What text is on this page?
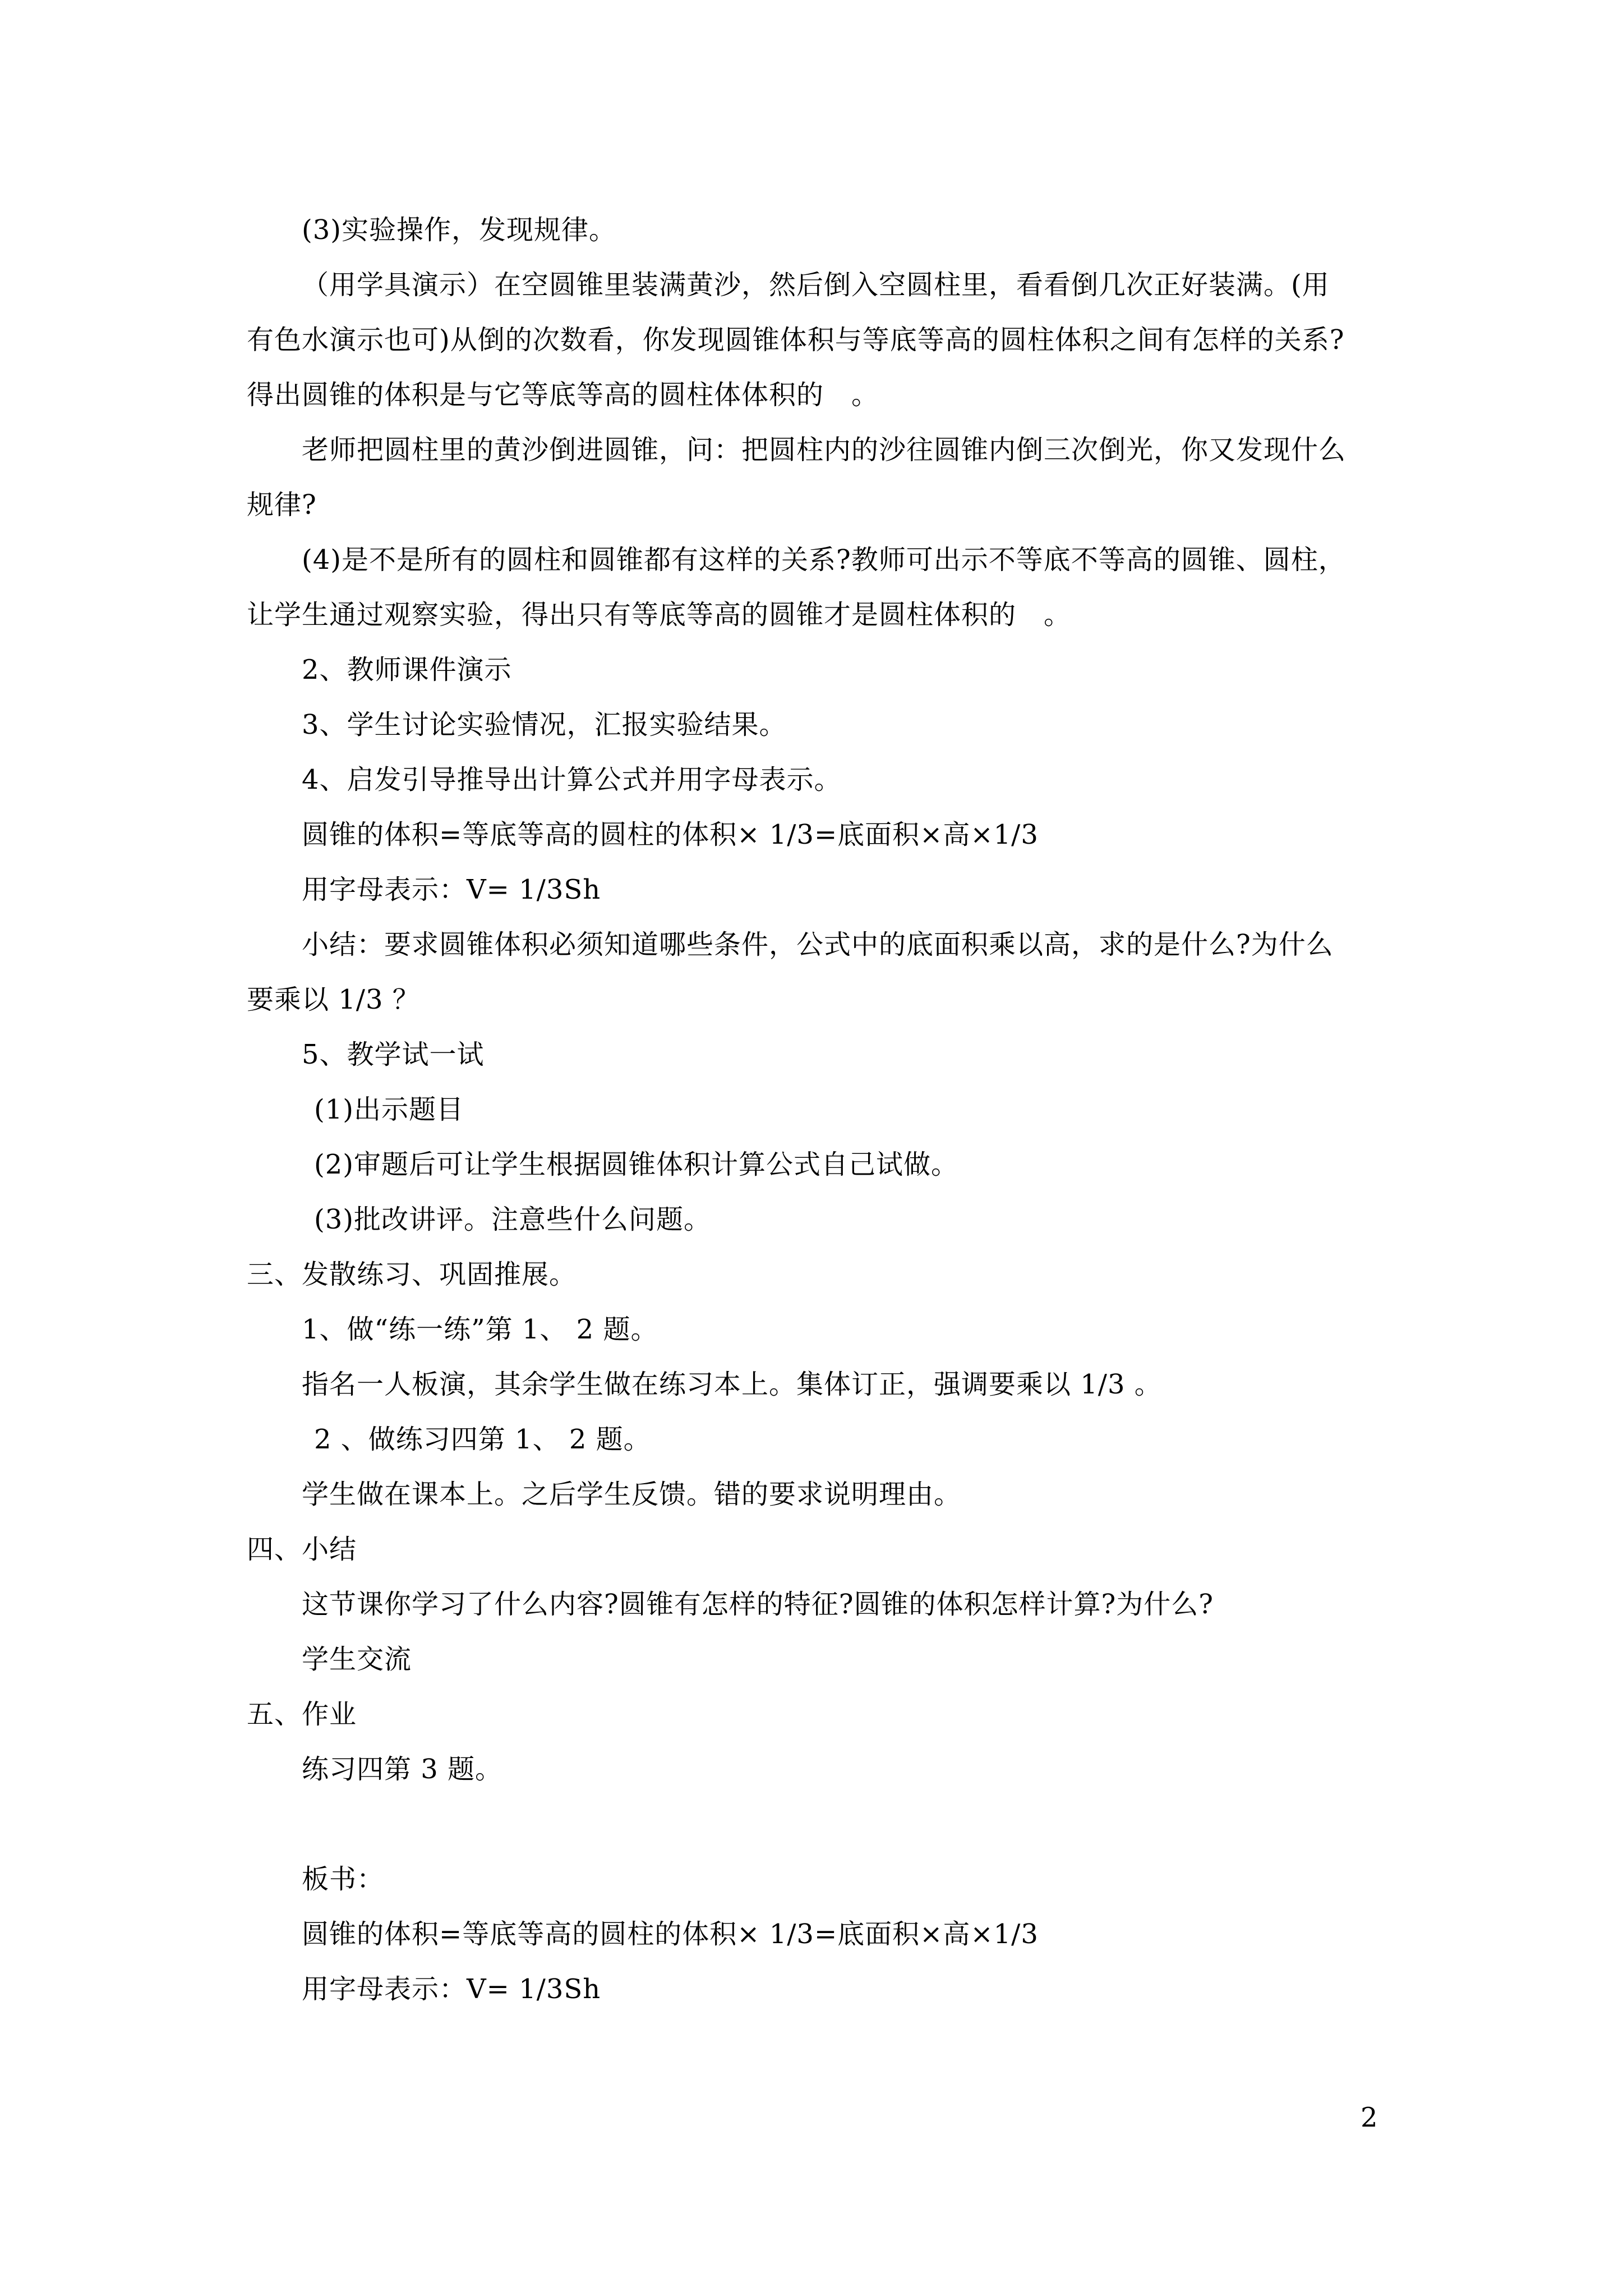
(3)实验操作，发现规律。
（用学具演示）在空圆锥里装满黄沙，然后倒入空圆柱里，看看倒几次正好装满。(用
有色水演示也可)从倒的次数看，你发现圆锥体积与等底等高的圆柱体积之间有怎样的关系?
得出圆锥的体积是与它等底等高的圆柱体体积的　。
老师把圆柱里的黄沙倒进圆锥，问：把圆柱内的沙往圆锥内倒三次倒光，你又发现什么
规律?
(4)是不是所有的圆柱和圆锥都有这样的关系?教师可出示不等底不等高的圆锥、圆柱，
让学生通过观察实验，得出只有等底等高的圆锥才是圆柱体积的　。
2、教师课件演示
3、学生讨论实验情况，汇报实验结果。
4、启发引导推导出计算公式并用字母表示。
圆锥的体积=等底等高的圆柱的体积× 1/3=底面积×高×1/3
用字母表示：V= 1/3Sh
小结：要求圆锥体积必须知道哪些条件，公式中的底面积乘以高，求的是什么?为什么
要乘以 1/3 ？
5、教学试一试
(1)出示题目
(2)审题后可让学生根据圆锥体积计算公式自己试做。
(3)批改讲评。注意些什么问题。
三、发散练习、巩固推展。
1、做“练一练”第 1、 2 题。
指名一人板演，其余学生做在练习本上。集体订正，强调要乘以 1/3 。
2 、做练习四第 1、 2 题。
学生做在课本上。之后学生反馈。错的要求说明理由。
四、小结
这节课你学习了什么内容?圆锥有怎样的特征?圆锥的体积怎样计算?为什么?
学生交流
五、作业
练习四第 3 题。
板书：
圆锥的体积=等底等高的圆柱的体积× 1/3=底面积×高×1/3
用字母表示：V= 1/3Sh
2
